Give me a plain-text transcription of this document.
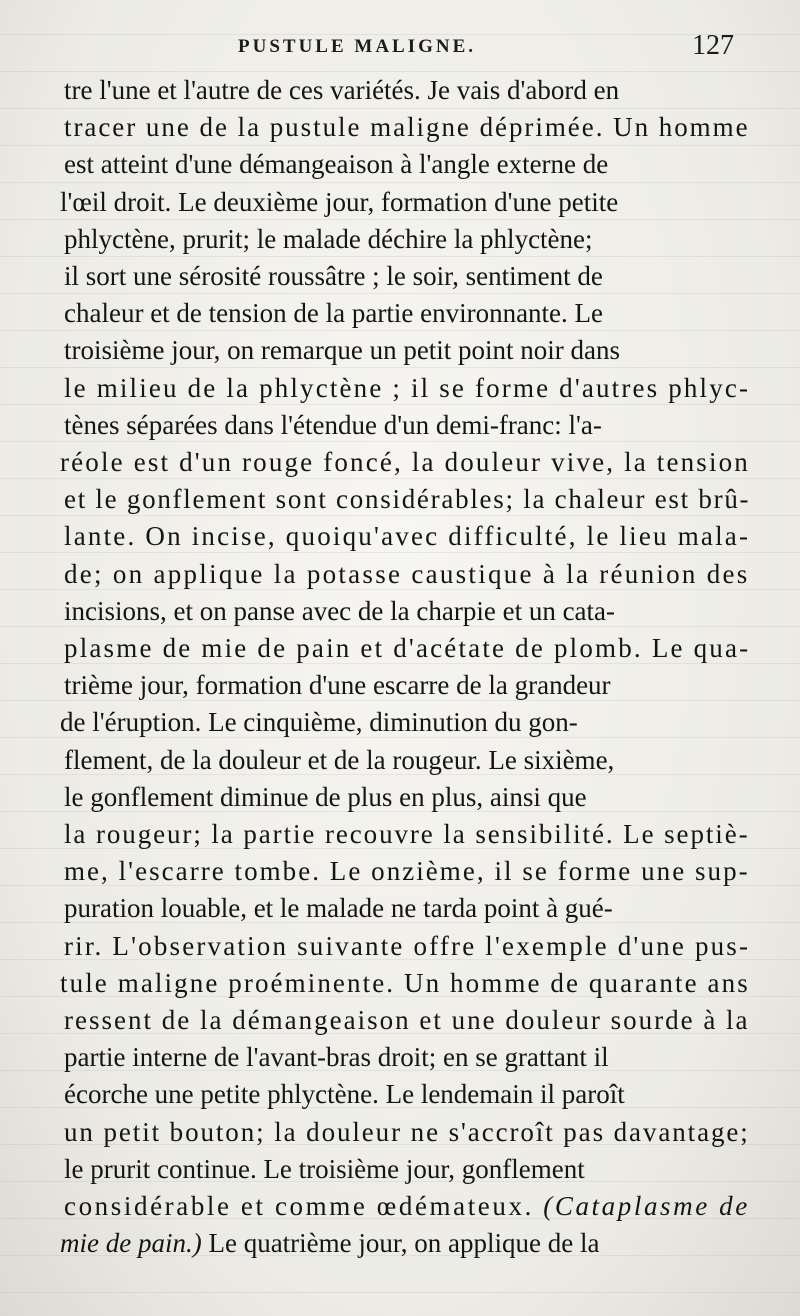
PUSTULE MALIGNE.	127
tre l'une et l'autre de ces variétés. Je vais d'abord en
tracer une de la pustule maligne déprimée. Un homme
est atteint d'une démangeaison à l'angle externe de
l'œil droit. Le deuxième jour, formation d'une petite
phlyctène, prurit; le malade déchire la phlyctène;
il sort une sérosité roussâtre ; le soir, sentiment de
chaleur et de tension de la partie environnante. Le
troisième jour, on remarque un petit point noir dans
le milieu de la phlyctène ; il se forme d'autres phlyc-
tènes séparées dans l'étendue d'un demi-franc: l'a-
réole est d'un rouge foncé, la douleur vive, la tension
et le gonflement sont considérables; la chaleur est brû-
lante. On incise, quoiqu'avec difficulté, le lieu mala-
de; on applique la potasse caustique à la réunion des
incisions, et on panse avec de la charpie et un cata-
plasme de mie de pain et d'acétate de plomb. Le qua-
trième jour, formation d'une escarre de la grandeur
de l'éruption. Le cinquième, diminution du gon-
flement, de la douleur et de la rougeur. Le sixième,
le gonflement diminue de plus en plus, ainsi que
la rougeur; la partie recouvre la sensibilité. Le septiè-
me, l'escarre tombe. Le onzième, il se forme une sup-
puration louable, et le malade ne tarda point à gué-
rir. L'observation suivante offre l'exemple d'une pus-
tule maligne proéminente. Un homme de quarante ans
ressent de la démangeaison et une douleur sourde à la
partie interne de l'avant-bras droit; en se grattant il
écorche une petite phlyctène. Le lendemain il paroît
un petit bouton; la douleur ne s'accroît pas davantage;
le prurit continue. Le troisième jour, gonflement
considérable et comme œdémateux. (Cataplasme de
mie de pain.) Le quatrième jour, on applique de la
